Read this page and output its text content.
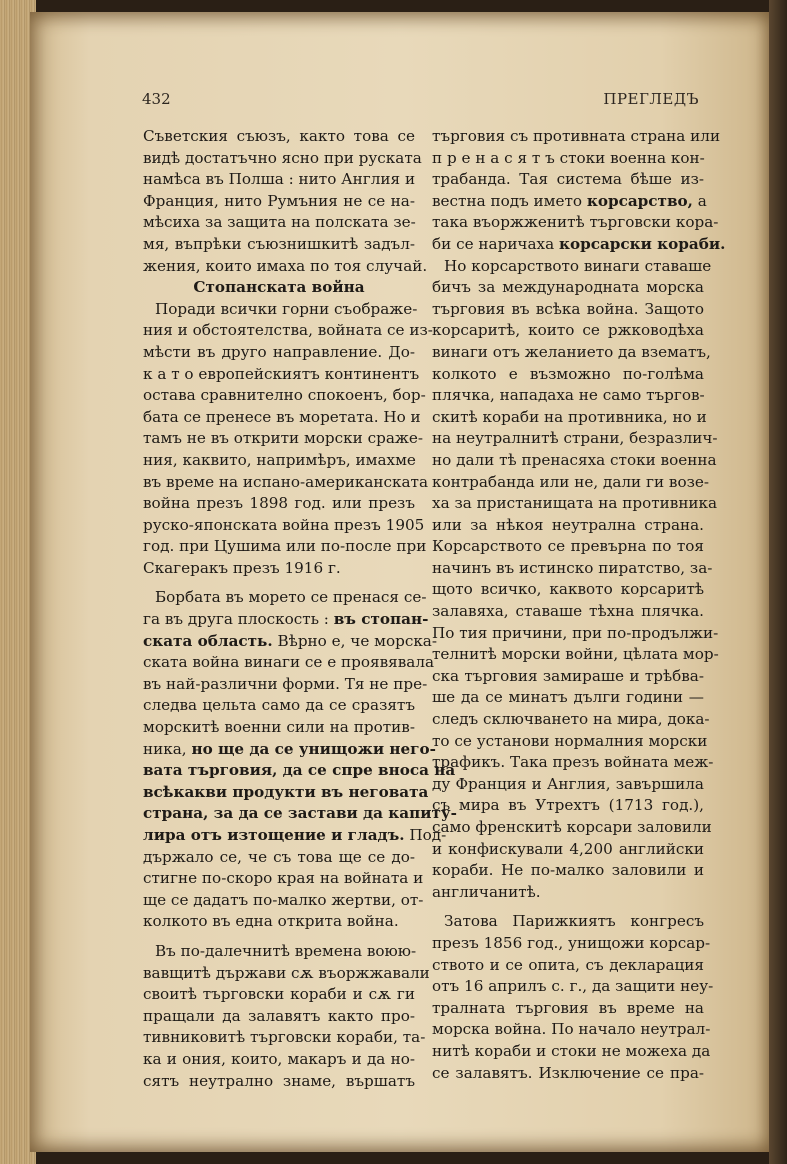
432	ПРЕГЛЕДЪ
Съветския съюзъ, както това се
видѣ достатъчно ясно при руската
намѣса въ Полша : нито Англия и
Франция, нито Румъния не се на-
мѣсиха за защита на полската зе-
мя, въпрѣки съюзнишкитѣ задъл-
жения, които имаха по тоя случай.
Стопанската война
Поради всички горни съображе-
ния и обстоятелства, войната се из-
мѣсти въ друго направление. До-
к а т о европейскиятъ континентъ
остава сравнително спокоенъ, бор-
бата се пренесе въ моретата. Но и
тамъ не въ открити морски сраже-
ния, каквито, напримѣръ, имахме
въ време на испано-американската
война презъ 1898 год. или презъ
руско-японската война презъ 1905
год. при Цушима или по-после при
Скагеракъ презъ 1916 г.
Борбата въ морето се пренася се-
га въ друга плоскость : въ стопан-
ската область. Вѣрно е, че морска-
ската война винаги се е проявявала
въ най-различни форми. Тя не пре-
следва цельта само да се сразятъ
морскитѣ военни сили на против-
ника, но ще да се унищожи него-
вата търговия, да се спре вноса на
всѣкакви продукти въ неговата
страна, за да се застави да капиту-
лира отъ изтощение и гладъ. Под-
държало се, че съ това ще се до-
стигне по-скоро края на войната и
ще се дадатъ по-малко жертви, от-
колкото въ една открита война.
Въ по-далечнитѣ времена воюю-
вавщитѣ държави сѫ въоржжавали
своитѣ търговски кораби и сѫ ги
пращали да залавятъ както про-
тивниковитѣ търговски кораби, та-
ка и ония, които, макаръ и да но-
сятъ неутрално знаме, вършатъ
търговия съ противната страна или
п р е н а с я т ъ стоки военна кон-
трабанда. Тая система бѣше из-
вестна подъ името корсарство, а
така въоржженитѣ търговски кора-
би се наричаха корсарски кораби.
Но корсарството винаги ставаше
бичъ за международната морска
търговия въ всѣка война. Защото
корсаритѣ, които се ржководѣха
винаги отъ желанието да взематъ,
колкото е възможно по-голѣма
плячка, нападаха не само търгов-
скитѣ кораби на противника, но и
на неутралнитѣ страни, безразлич-
но дали тѣ пренасяха стоки военна
контрабанда или не, дали ги возе-
ха за пристанищата на противника
или за нѣкоя неутрална страна.
Корсарството се превърна по тоя
начинъ въ истинско пиратство, за-
щото всичко, каквото корсаритѣ
залавяха, ставаше тѣхна плячка.
По тия причини, при по-продължи-
телнитѣ морски войни, цѣлата мор-
ска търговия замираше и трѣбва-
ше да се минатъ дълги години —
следъ сключването на мира, дока-
то се установи нормалния морски
трафикъ. Така презъ войната меж-
ду Франция и Англия, завършила
съ мира въ Утрехтъ (1713 год.),
само френскитѣ корсари заловили
и конфискували 4,200 английски
кораби. Не по-малко заловили и
англичанитѣ.
Затова Парижкиятъ конгресъ
презъ 1856 год., унищожи корсар-
ството и се опита, съ декларация
отъ 16 априлъ с. г., да защити неу-
тралната търговия въ време на
морска война. По начало неутрал-
нитѣ кораби и стоки не можеха да
се залавятъ. Изключение се пра-
